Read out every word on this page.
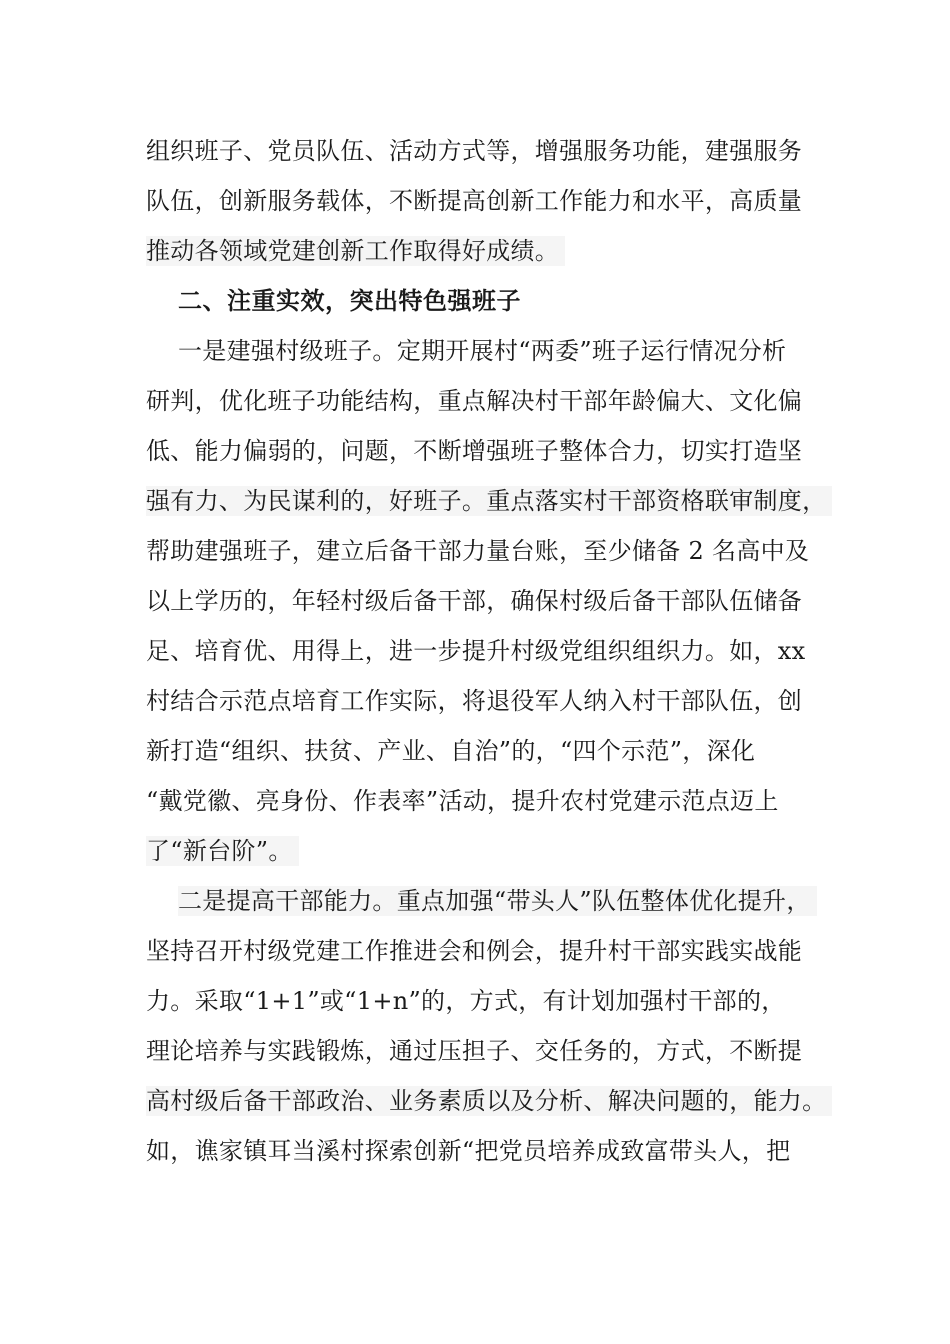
组织班子、党员队伍、活动方式等，增强服务功能，建强服务
队伍，创新服务载体，不断提高创新工作能力和水平，高质量
推动各领域党建创新工作取得好成绩。
二、注重实效，突出特色强班子
一是建强村级班子。定期开展村“两委”班子运行情况分析
研判，优化班子功能结构，重点解决村干部年龄偏大、文化偏
低、能力偏弱的，问题，不断增强班子整体合力，切实打造坚
强有力、为民谋利的，好班子。重点落实村干部资格联审制度，
帮助建强班子，建立后备干部力量台账，至少储备 2 名高中及
以上学历的，年轻村级后备干部，确保村级后备干部队伍储备
足、培育优、用得上，进一步提升村级党组织组织力。如，xx
村结合示范点培育工作实际，将退役军人纳入村干部队伍，创
新打造“组织、扶贫、产业、自治”的，“四个示范”，深化
“戴党徽、亮身份、作表率”活动，提升农村党建示范点迈上
了“新台阶”。
二是提高干部能力。重点加强“带头人”队伍整体优化提升，
坚持召开村级党建工作推进会和例会，提升村干部实践实战能
力。采取“1+1”或“1+n”的，方式，有计划加强村干部的，
理论培养与实践锻炼，通过压担子、交任务的，方式，不断提
高村级后备干部政治、业务素质以及分析、解决问题的，能力。
如，谯家镇耳当溪村探索创新“把党员培养成致富带头人，把
